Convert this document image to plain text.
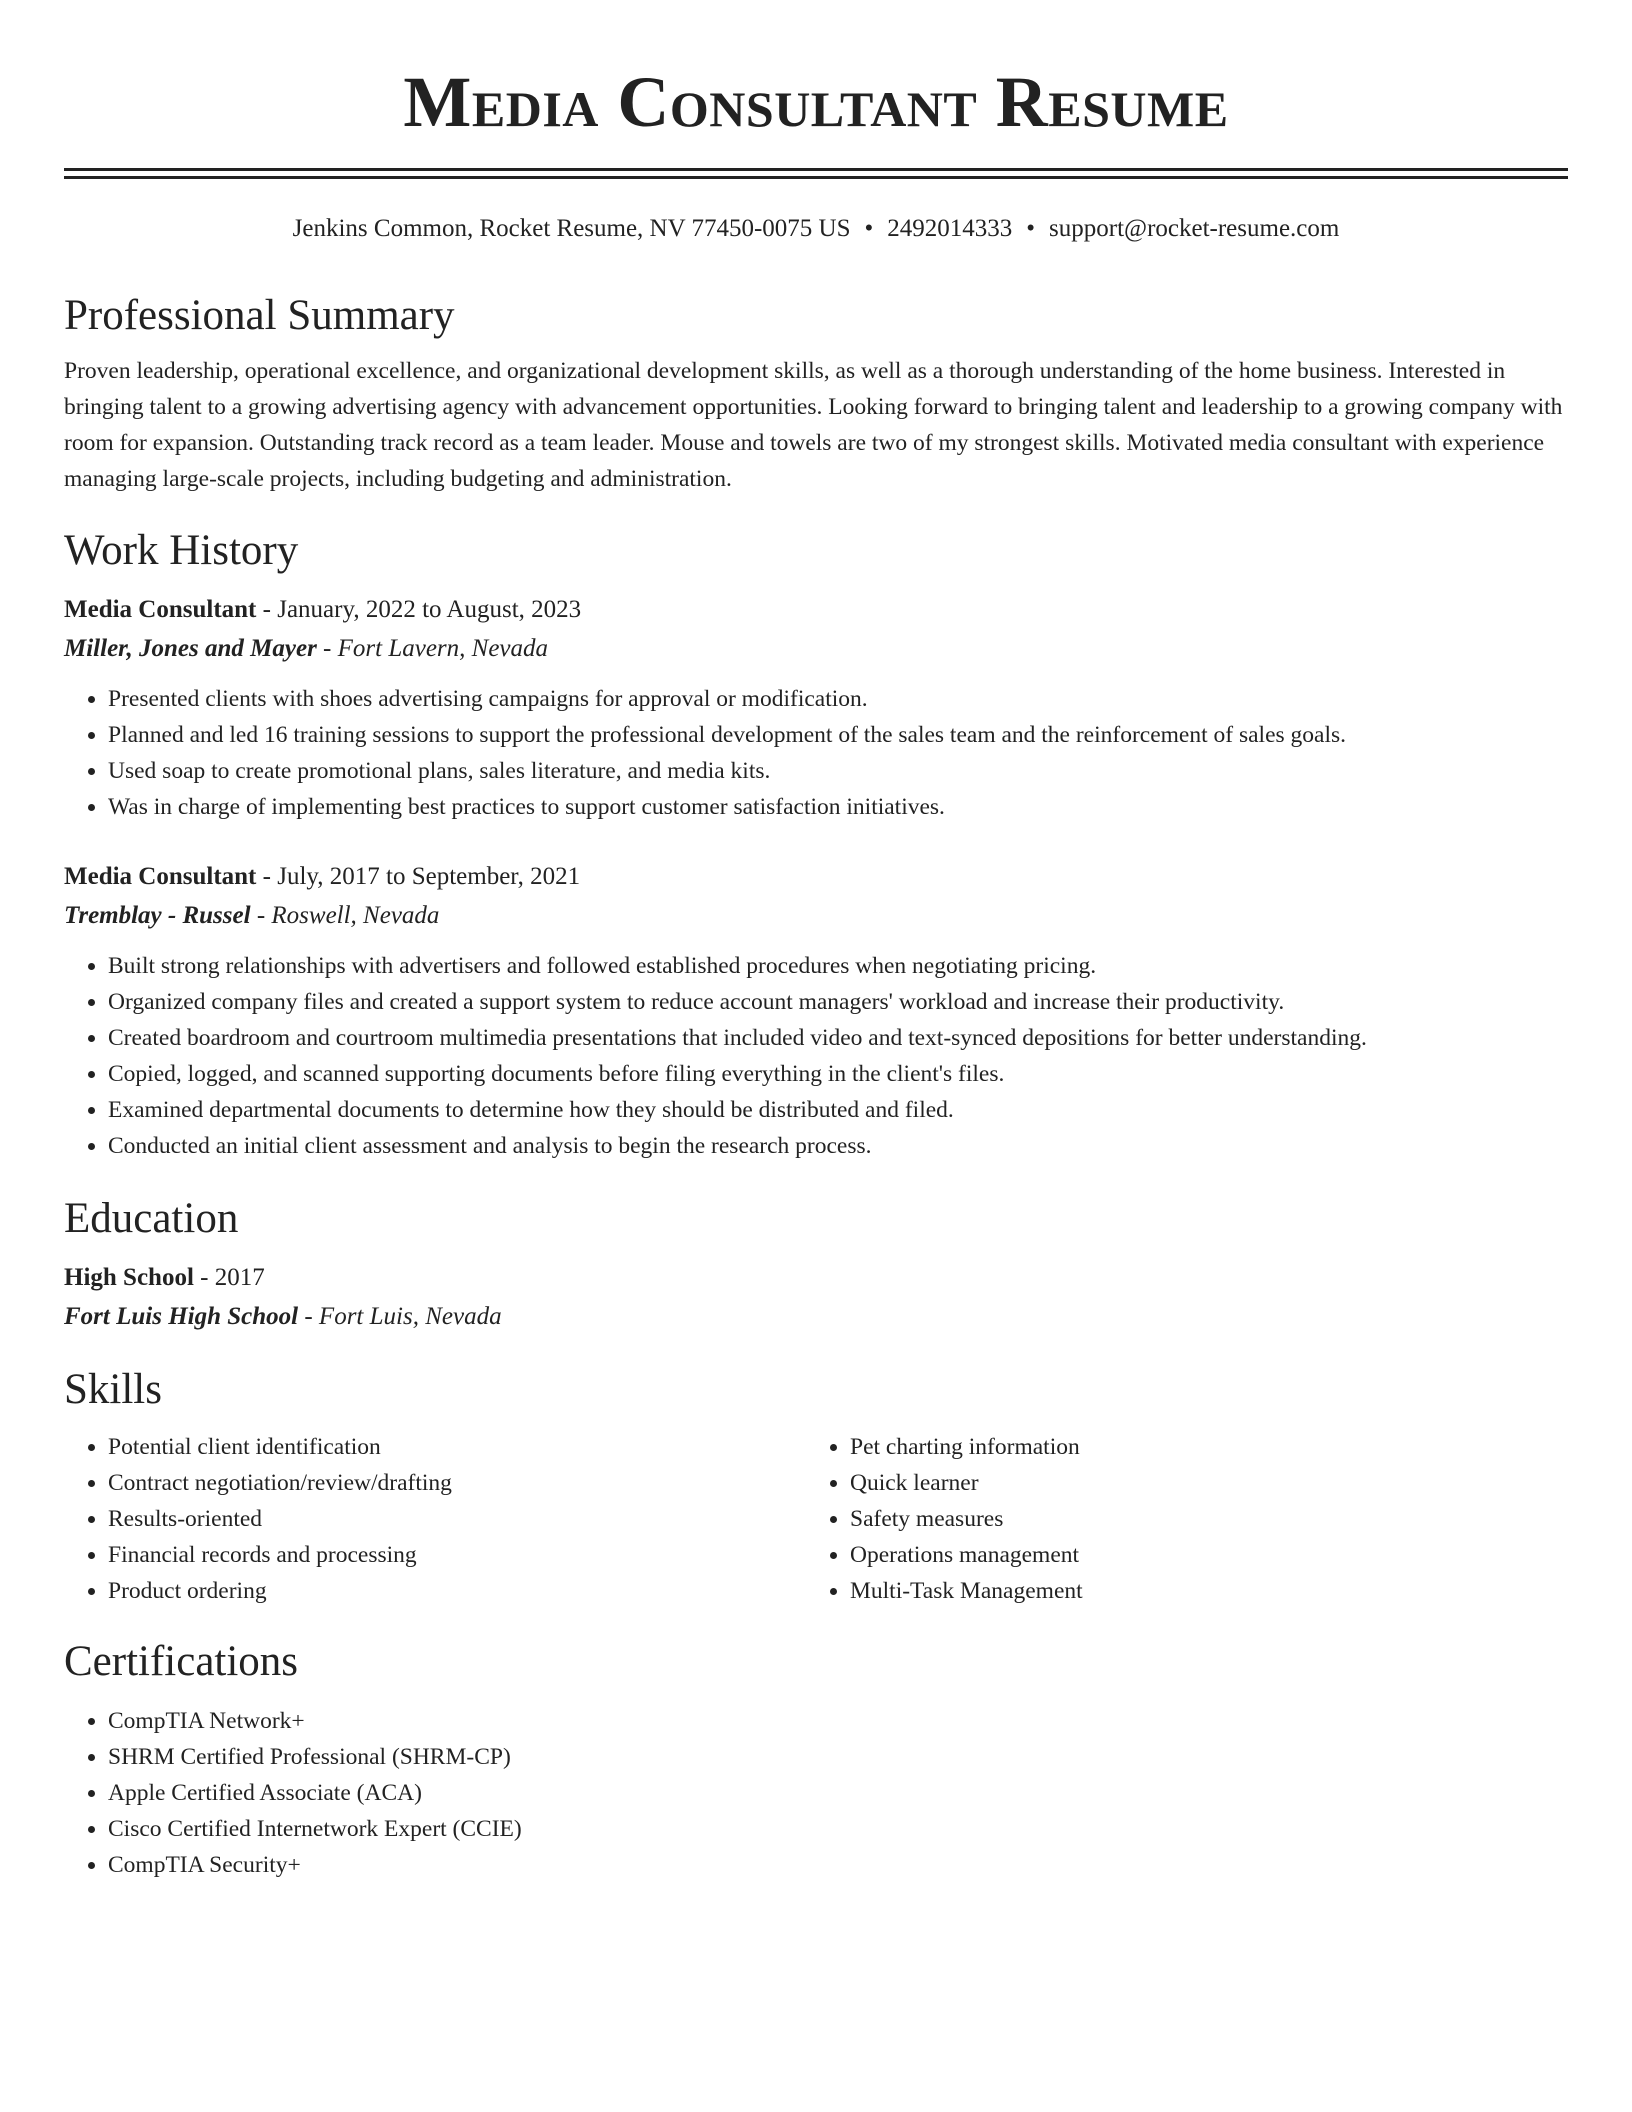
Media Consultant Resume
Jenkins Common, Rocket Resume, NV 77450-0075 US • 2492014333 • support@rocket-resume.com
Professional Summary

Proven leadership, operational excellence, and organizational development skills, as well as a thorough understanding of the home business. Interested in bringing talent to a growing advertising agency with advancement opportunities. Looking forward to bringing talent and leadership to a growing company with room for expansion. Outstanding track record as a team leader. Mouse and towels are two of my strongest skills. Motivated media consultant with experience managing large-scale projects, including budgeting and administration.

Work History
Media Consultant - January, 2022 to August, 2023
Miller, Jones and Mayer - Fort Lavern, Nevada
• Presented clients with shoes advertising campaigns for approval or modification.
• Planned and led 16 training sessions to support the professional development of the sales team and the reinforcement of sales goals.
• Used soap to create promotional plans, sales literature, and media kits.
• Was in charge of implementing best practices to support customer satisfaction initiatives.
Media Consultant - July, 2017 to September, 2021
Tremblay - Russel - Roswell, Nevada
• Built strong relationships with advertisers and followed established procedures when negotiating pricing.
• Organized company files and created a support system to reduce account managers' workload and increase their productivity.
• Created boardroom and courtroom multimedia presentations that included video and text-synced depositions for better understanding.
• Copied, logged, and scanned supporting documents before filing everything in the client's files.
• Examined departmental documents to determine how they should be distributed and filed.
• Conducted an initial client assessment and analysis to begin the research process.
Education
High School - 2017
Fort Luis High School - Fort Luis, Nevada
Skills
• Potential client identification
• Contract negotiation/review/drafting
• Results-oriented
• Financial records and processing
• Product ordering
• Pet charting information
• Quick learner
• Safety measures
• Operations management
• Multi-Task Management
Certifications
• CompTIA Network+
• SHRM Certified Professional (SHRM-CP)
• Apple Certified Associate (ACA)
• Cisco Certified Internetwork Expert (CCIE)
• CompTIA Security+
